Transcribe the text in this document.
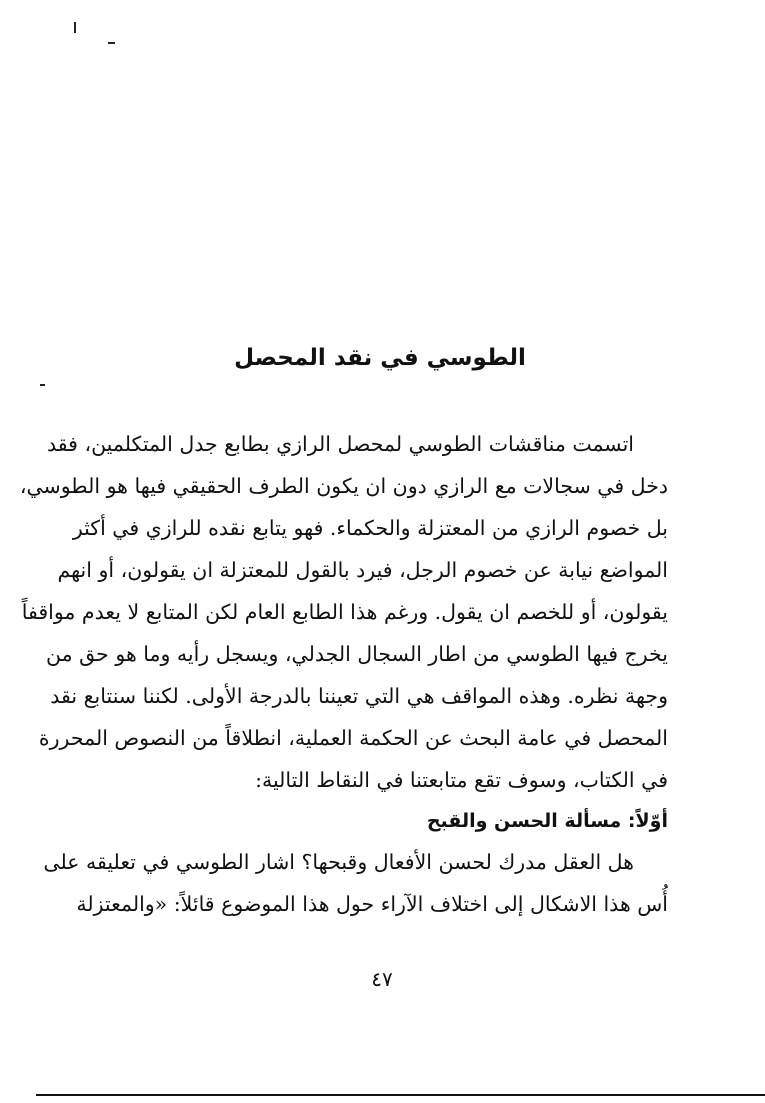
الطوسي في نقد المحصل
اتسمت مناقشات الطوسي لمحصل الرازي بطابع جدل المتكلمين، فقد
دخل في سجالات مع الرازي دون ان يكون الطرف الحقيقي فيها هو الطوسي،
بل خصوم الرازي من المعتزلة والحكماء. فهو يتابع نقده للرازي في أكثر
المواضع نيابة عن خصوم الرجل، فيرد بالقول للمعتزلة ان يقولون، أو انهم
يقولون، أو للخصم ان يقول. ورغم هذا الطابع العام لكن المتابع لا يعدم مواقفاً
يخرج فيها الطوسي من اطار السجال الجدلي، ويسجل رأيه وما هو حق من
وجهة نظره. وهذه المواقف هي التي تعيننا بالدرجة الأولى. لكننا سنتابع نقد
المحصل في عامة البحث عن الحكمة العملية، انطلاقاً من النصوص المحررة
في الكتاب، وسوف تقع متابعتنا في النقاط التالية:
أوّلاً: مسألة الحسن والقبح
هل العقل مدرك لحسن الأفعال وقبحها؟ اشار الطوسي في تعليقه على
أُس هذا الاشكال إلى اختلاف الآراء حول هذا الموضوع قائلاً: «والمعتزلة
٤٧
